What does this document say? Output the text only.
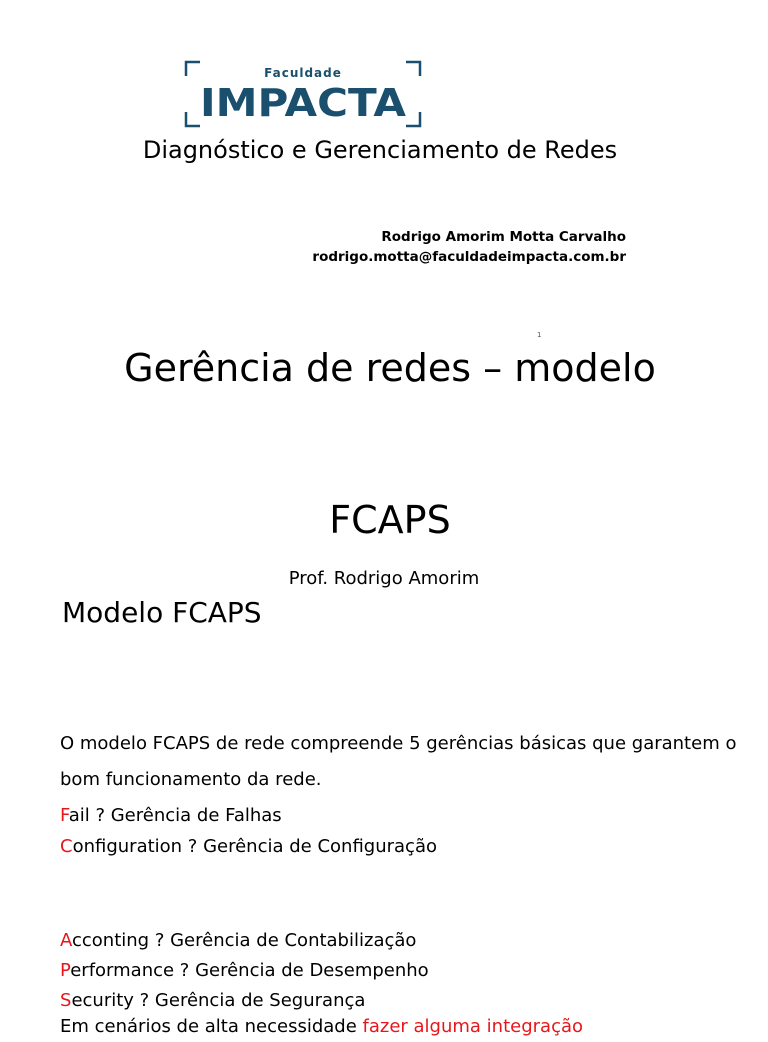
Faculdade
IMPACTA
Diagnóstico e Gerenciamento de Redes
Rodrigo Amorim Motta Carvalho
rodrigo.motta@faculdadeimpacta.com.br
1
Gerência de redes – modelo
FCAPS
Prof. Rodrigo Amorim
Modelo FCAPS

O modelo FCAPS de rede compreende 5 gerências básicas que garantem o bom funcionamento da rede.

Fail ? Gerência de Falhas
Configuration ? Gerência de Configuração
Acconting ? Gerência de Contabilização
Performance ? Gerência de Desempenho
Security ? Gerência de Segurança
Em cenários de alta necessidade fazer alguma integração
